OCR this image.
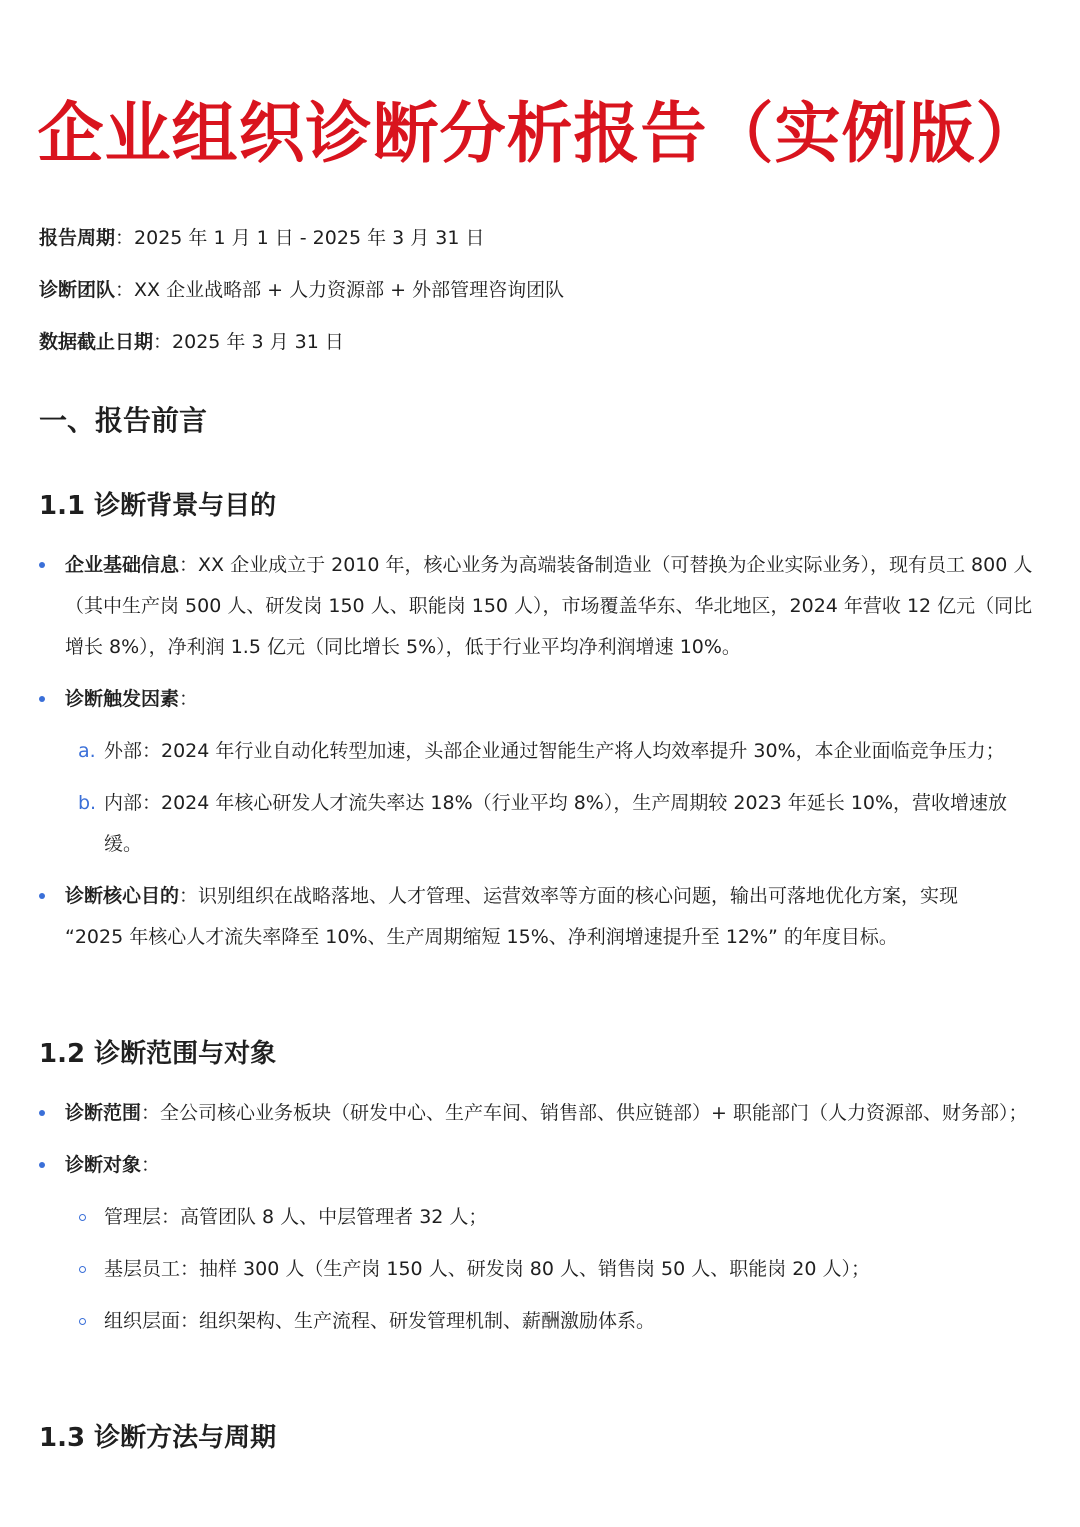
企业组织诊断分析报告（实例版）
报告周期：2025 年 1 月 1 日 - 2025 年 3 月 31 日
诊断团队：XX 企业战略部 + 人力资源部 + 外部管理咨询团队
数据截止日期：2025 年 3 月 31 日
一、报告前言
1.1 诊断背景与目的
企业基础信息：XX 企业成立于 2010 年，核心业务为高端装备制造业（可替换为企业实际业务），现有员工 800 人（其中生产岗 500 人、研发岗 150 人、职能岗 150 人），市场覆盖华东、华北地区，2024 年营收 12 亿元（同比增长 8%），净利润 1.5 亿元（同比增长 5%），低于行业平均净利润增速 10%。
诊断触发因素：
a. 外部：2024 年行业自动化转型加速，头部企业通过智能生产将人均效率提升 30%，本企业面临竞争压力；
b. 内部：2024 年核心研发人才流失率达 18%（行业平均 8%），生产周期较 2023 年延长 10%，营收增速放缓。
诊断核心目的：识别组织在战略落地、人才管理、运营效率等方面的核心问题，输出可落地优化方案，实现 “2025 年核心人才流失率降至 10%、生产周期缩短 15%、净利润增速提升至 12%” 的年度目标。
1.2 诊断范围与对象
诊断范围：全公司核心业务板块（研发中心、生产车间、销售部、供应链部）+ 职能部门（人力资源部、财务部）；
诊断对象：
管理层：高管团队 8 人、中层管理者 32 人；
基层员工：抽样 300 人（生产岗 150 人、研发岗 80 人、销售岗 50 人、职能岗 20 人）；
组织层面：组织架构、生产流程、研发管理机制、薪酬激励体系。
1.3 诊断方法与周期
